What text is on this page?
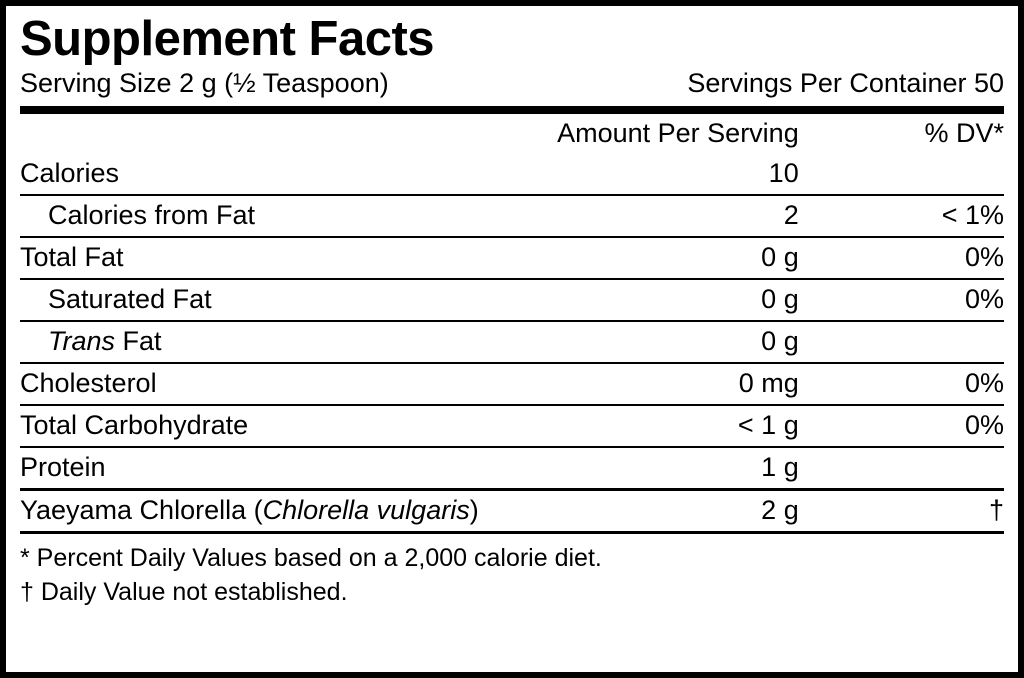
Supplement Facts
Serving Size 2 g (½ Teaspoon)	Servings Per Container 50
	Amount Per Serving	% DV*
Calories	10	
Calories from Fat	2	< 1%
Total Fat	0 g	0%
Saturated Fat	0 g	0%
Trans Fat	0 g	
Cholesterol	0 mg	0%
Total Carbohydrate	< 1 g	0%
Protein	1 g	
Yaeyama Chlorella (Chlorella vulgaris)	2 g	†
* Percent Daily Values based on a 2,000 calorie diet.
† Daily Value not established.
